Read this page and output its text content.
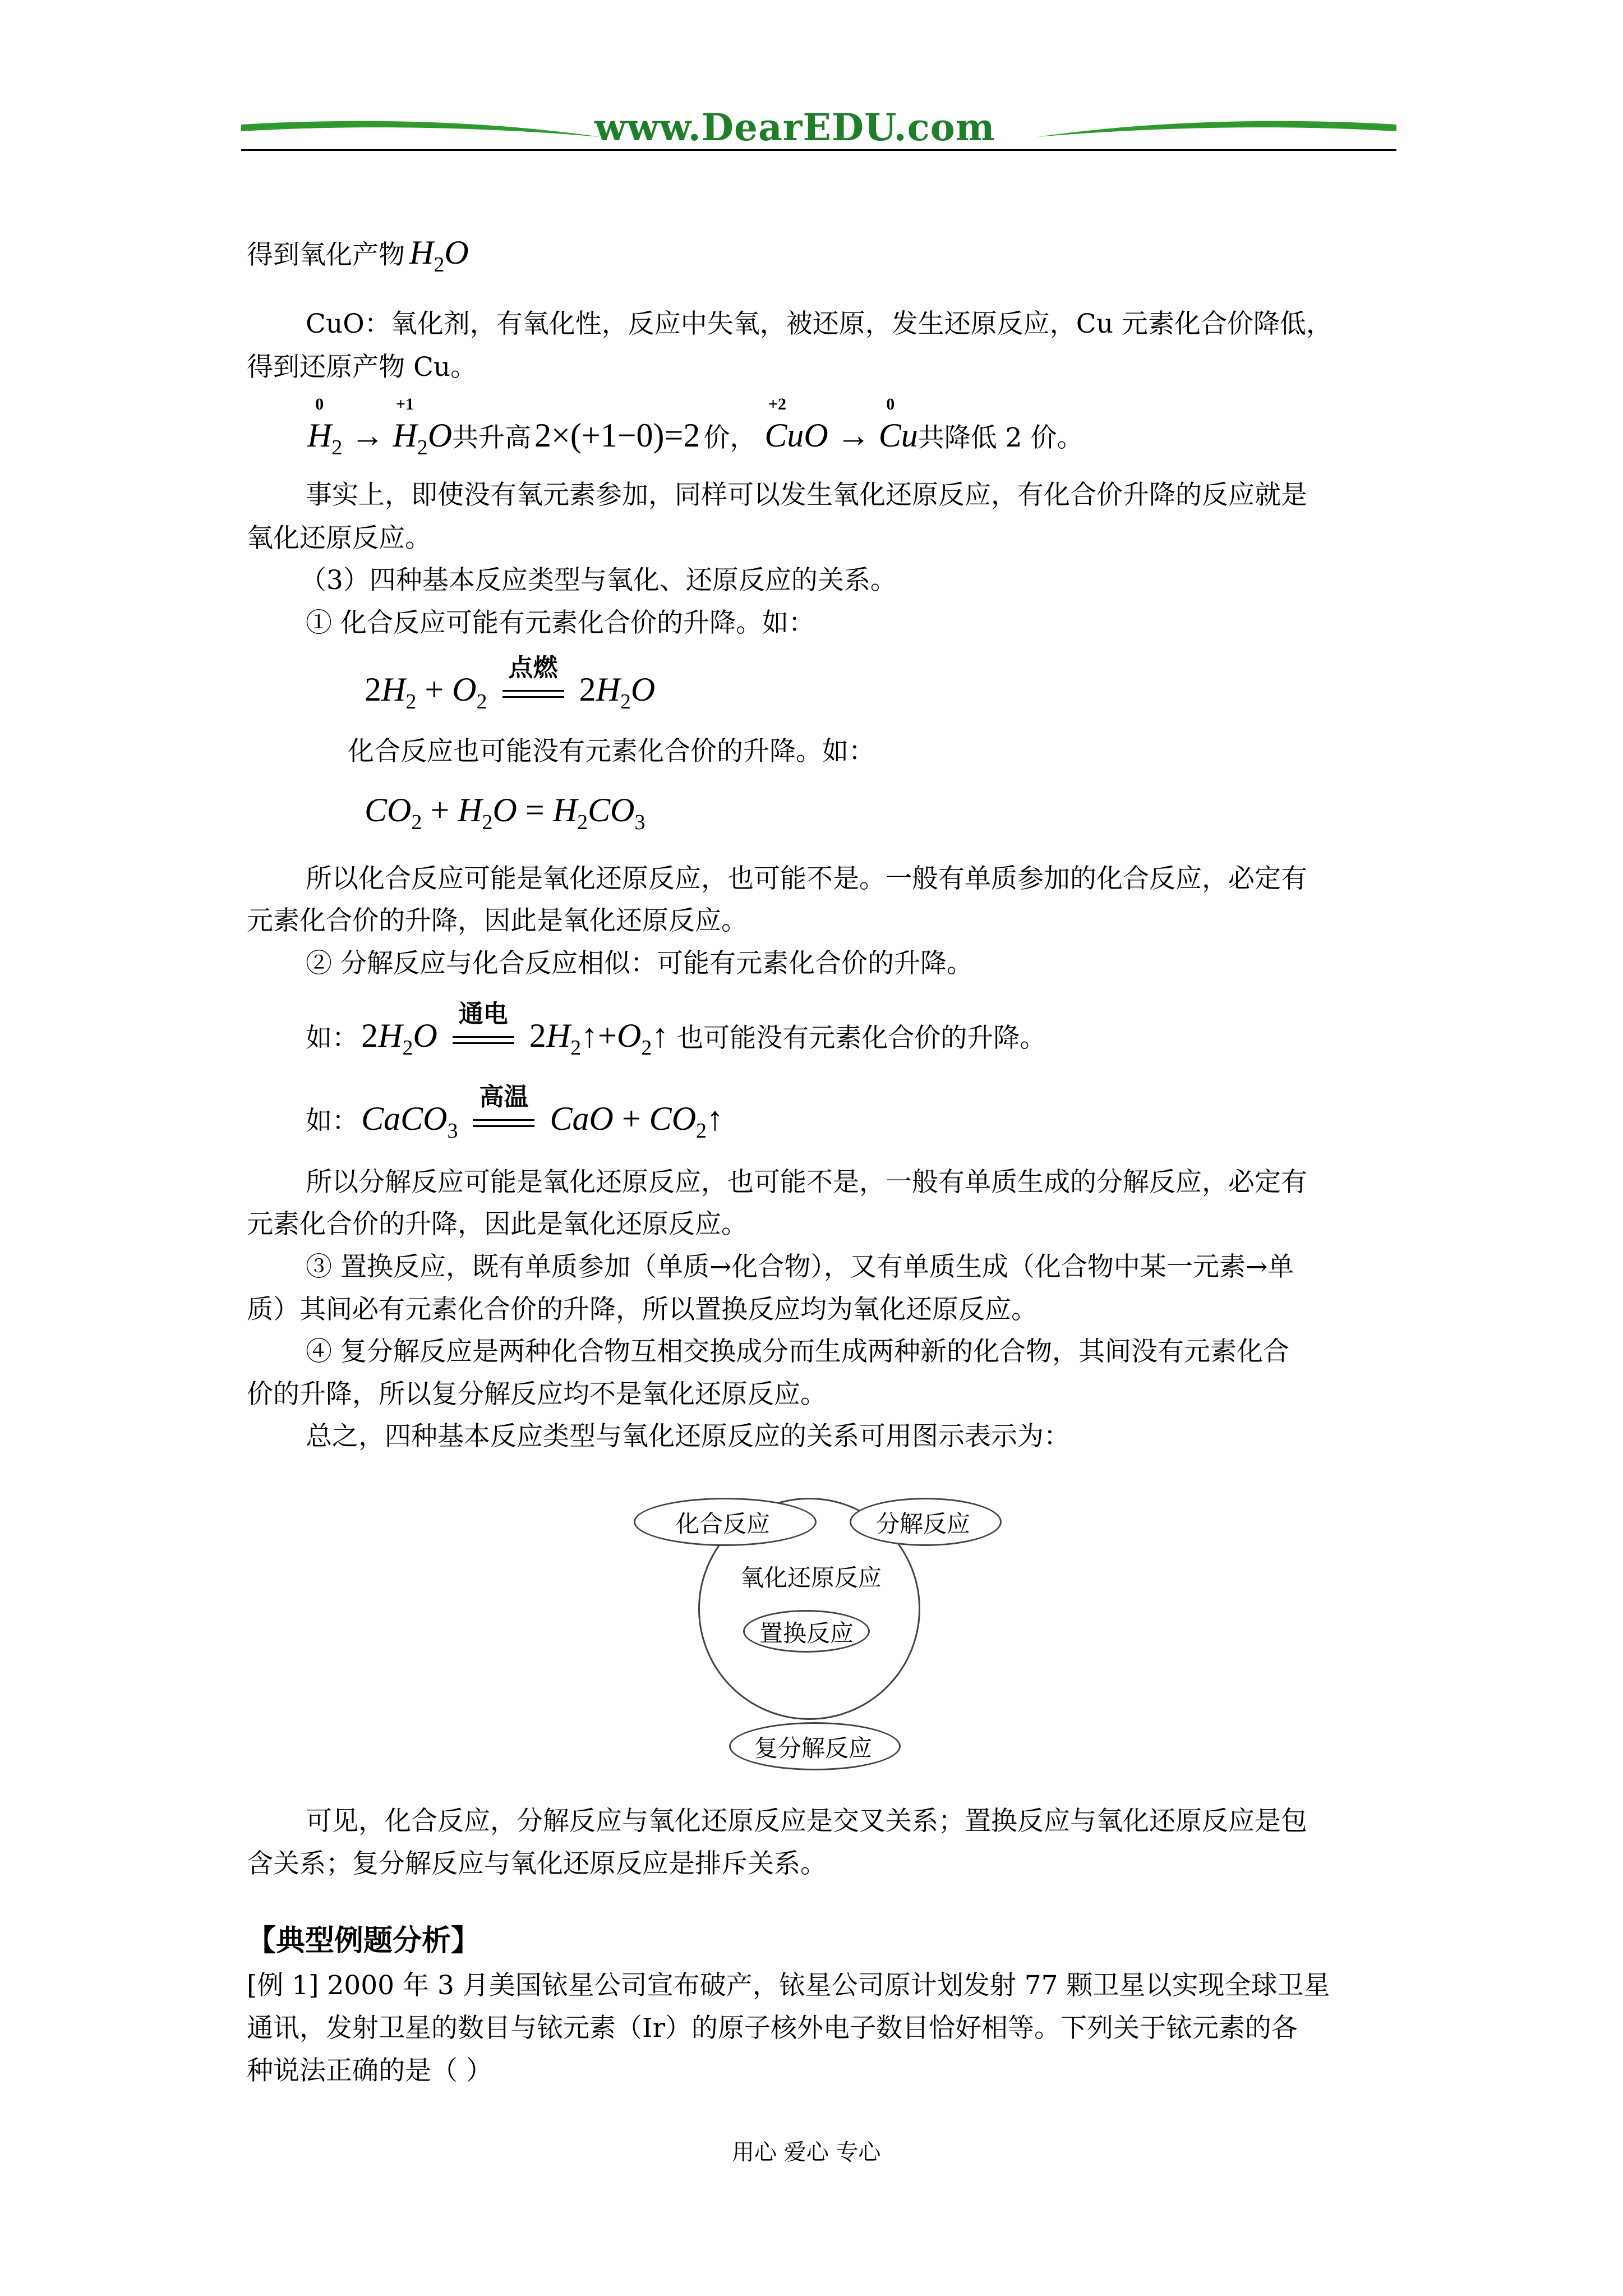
www.DearEDU.com
得到氧化产物 $H_2O$
CuO：氧化剂，有氧化性，反应中失氧，被还原，发生还原反应，Cu 元素化合价降低，
得到还原产物 Cu。
H
0
$_2$ → H
+1
$_2$O共升高 2×(+1−0)=2 价， CuO
+2
→ Cu
0
共降低 2 价。
事实上，即使没有氧元素参加，同样可以发生氧化还原反应，有化合价升降的反应就是
氧化还原反应。
（3）四种基本反应类型与氧化、还原反应的关系。
① 化合反应可能有元素化合价的升降。如：
$2H_2 + O_2$
点燃
$2H_2O$
化合反应也可能没有元素化合价的升降。如：
$CO_2 + H_2O = H_2CO_3$
所以化合反应可能是氧化还原反应，也可能不是。一般有单质参加的化合反应，必定有
元素化合价的升降，因此是氧化还原反应。
② 分解反应与化合反应相似：可能有元素化合价的升降。
如： $2H_2O$
通电
$2H_2↑+O_2↑$ 也可能没有元素化合价的升降。
如： CaCO$_3$
高温
CaO + $CO_2↑$
所以分解反应可能是氧化还原反应，也可能不是，一般有单质生成的分解反应，必定有
元素化合价的升降，因此是氧化还原反应。
③ 置换反应，既有单质参加（单质→化合物），又有单质生成（化合物中某一元素→单
质）其间必有元素化合价的升降，所以置换反应均为氧化还原反应。
④ 复分解反应是两种化合物互相交换成分而生成两种新的化合物，其间没有元素化合
价的升降，所以复分解反应均不是氧化还原反应。
总之，四种基本反应类型与氧化还原反应的关系可用图示表示为：
氧化还原反应
化合反应	分解反应
置换反应
复分解反应
可见，化合反应，分解反应与氧化还原反应是交叉关系；置换反应与氧化还原反应是包
含关系；复分解反应与氧化还原反应是排斥关系。
【典型例题分析】
[例 1] 2000 年 3 月美国铱星公司宣布破产，铱星公司原计划发射 77 颗卫星以实现全球卫星
通讯，发射卫星的数目与铱元素（Ir）的原子核外电子数目恰好相等。下列关于铱元素的各
种说法正确的是（ ）
用心 爱心 专心
